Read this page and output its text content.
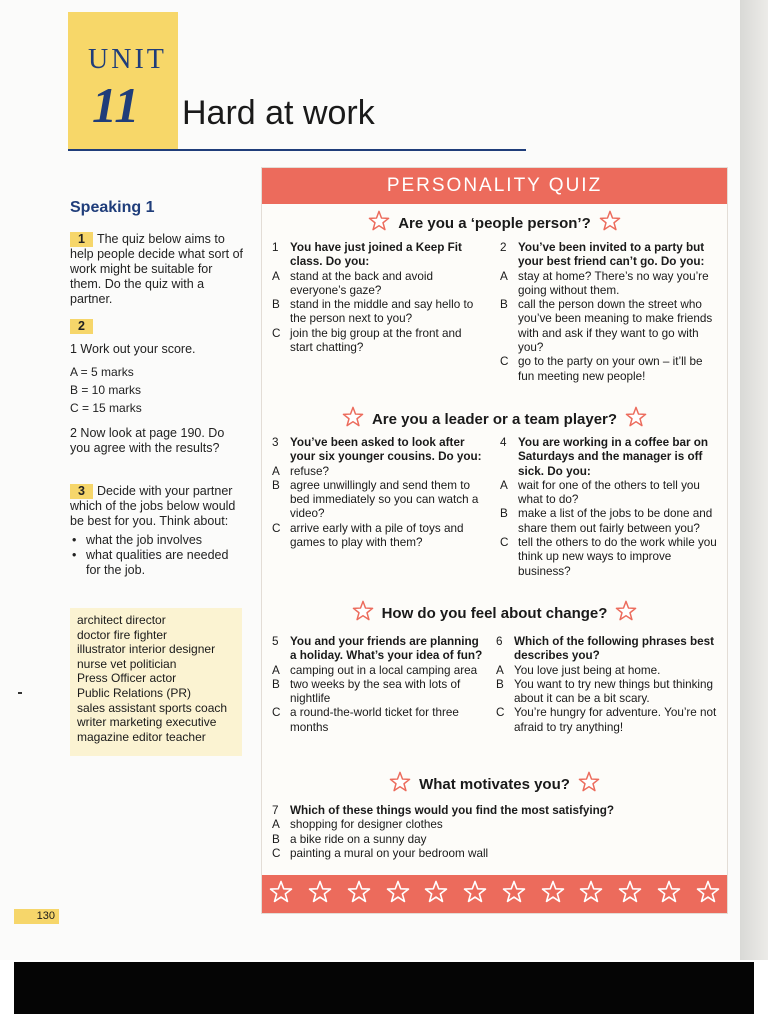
UNIT
11 Hard at work
Speaking 1
1 The quiz below aims to help people decide what sort of work might be suitable for them. Do the quiz with a partner.
2
1 Work out your score.
A = 5 marks
B = 10 marks
C = 15 marks
2 Now look at page 190. Do you agree with the results?
3 Decide with your partner which of the jobs below would be best for you. Think about:
• what the job involves
• what qualities are needed for the job.
architect director
doctor fire fighter
illustrator interior designer
nurse vet politician
Press Officer actor
Public Relations (PR)
sales assistant sports coach
writer marketing executive
magazine editor teacher
130
PERSONALITY QUIZ
Are you a ‘people person’?
1 You have just joined a Keep Fit class. Do you:
A stand at the back and avoid everyone’s gaze?
B stand in the middle and say hello to the person next to you?
C join the big group at the front and start chatting?
2 You’ve been invited to a party but your best friend can’t go. Do you:
A stay at home? There’s no way you’re going without them.
B call the person down the street who you’ve been meaning to make friends with and ask if they want to go with you?
C go to the party on your own – it’ll be fun meeting new people!
Are you a leader or a team player?
3 You’ve been asked to look after your six younger cousins. Do you:
A refuse?
B agree unwillingly and send them to bed immediately so you can watch a video?
C arrive early with a pile of toys and games to play with them?
4 You are working in a coffee bar on Saturdays and the manager is off sick. Do you:
A wait for one of the others to tell you what to do?
B make a list of the jobs to be done and share them out fairly between you?
C tell the others to do the work while you think up new ways to improve business?
How do you feel about change?
5 You and your friends are planning a holiday. What’s your idea of fun?
A camping out in a local camping area
B two weeks by the sea with lots of nightlife
C a round-the-world ticket for three months
6 Which of the following phrases best describes you?
A You love just being at home.
B You want to try new things but thinking about it can be a bit scary.
C You’re hungry for adventure. You’re not afraid to try anything!
What motivates you?
7 Which of these things would you find the most satisfying?
A shopping for designer clothes
B a bike ride on a sunny day
C painting a mural on your bedroom wall
